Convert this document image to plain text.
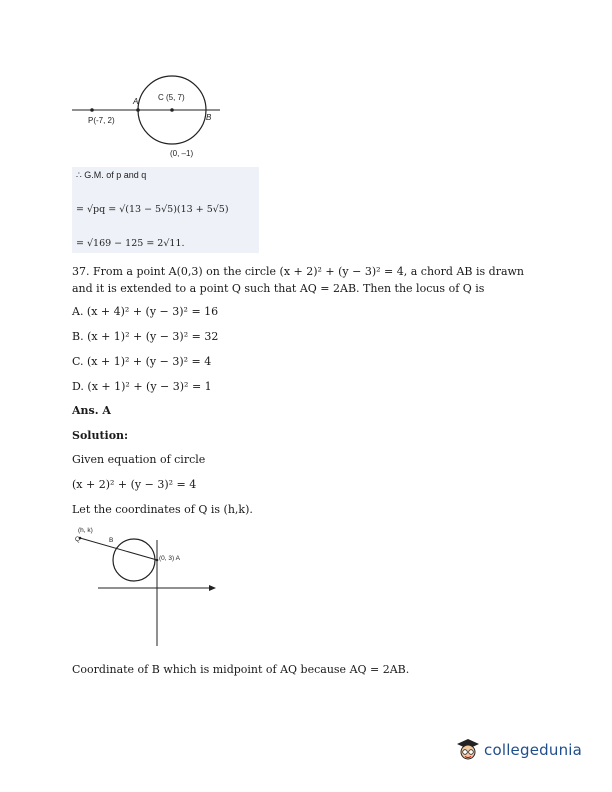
A C (5, 7)
P(-7, 2)	B
(0, –1)
∴ G.M. of p and q
= √pq = √(13 − 5√5)(13 + 5√5)
= √169 − 125 = 2√11.
37. From a point A(0,3) on the circle (x + 2)² + (y − 3)² = 4, a chord AB is drawn
and it is extended to a point Q such that AQ = 2AB. Then the locus of Q is
A. (x + 4)² + (y − 3)² = 16
B. (x + 1)² + (y − 3)² = 32
C. (x + 1)² + (y − 3)² = 4
D. (x + 1)² + (y − 3)² = 1
Ans. A
Solution:
Given equation of circle
(x + 2)² + (y − 3)² = 4
Let the coordinates of Q is (h,k).
(h, k)
Q	B
(0, 3) A
Coordinate of B which is midpoint of AQ because AQ = 2AB.
collegedunia
